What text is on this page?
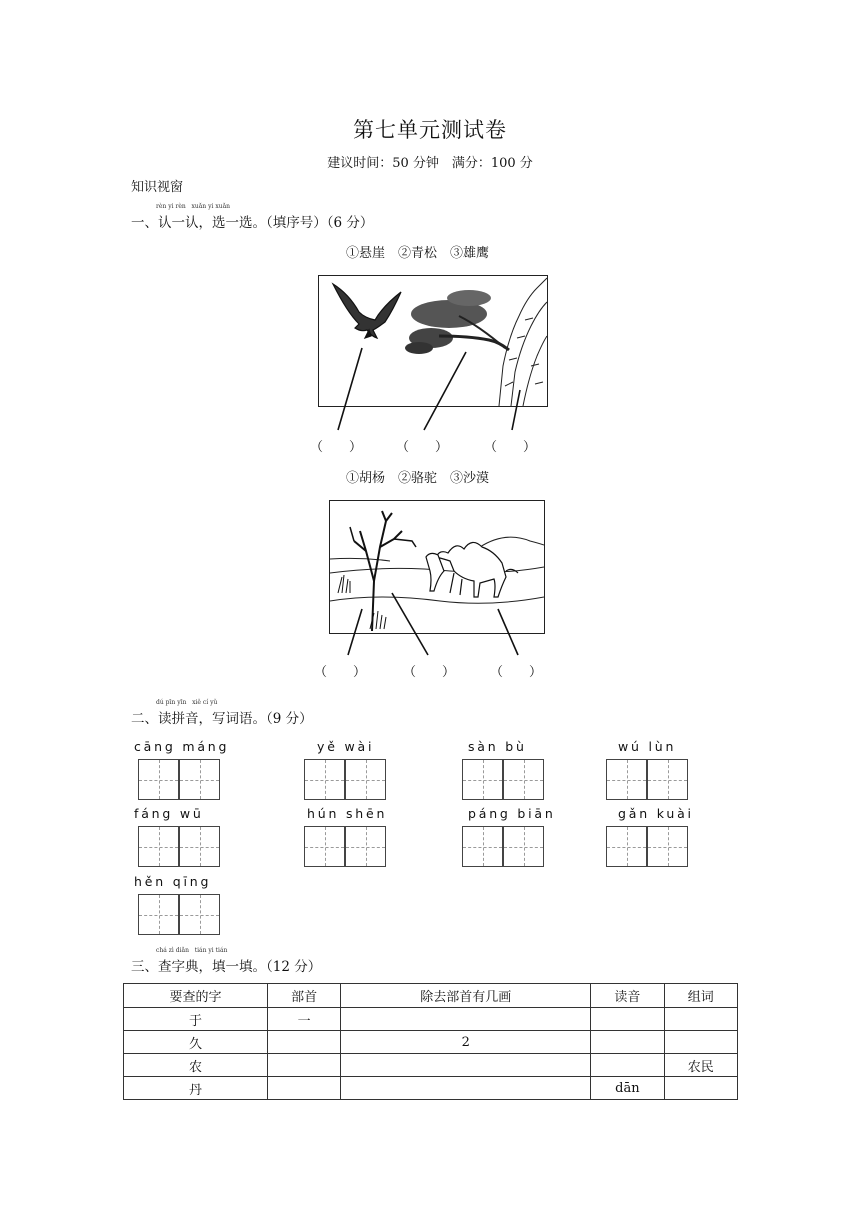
第七单元测试卷
建议时间：50 分钟　满分：100 分
知识视窗
rèn yi rèn xuǎn yi xuǎn
一、认一认，选一选。（填序号）（6 分）
①悬崖　②青松　③雄鹰
（　　）	（　　）	（　　）
①胡杨　②骆驼　③沙漠
（　　）	（　　）	（　　）
dú pīn yīn xiě cí yǔ
二、读拼音，写词语。（9 分）
cāng máng	yě wài	sàn bù	wú lùn
fáng wū	hún shēn	páng biān	gǎn kuài
hěn qīng
chá zì diǎn tián yi tián
三、查字典，填一填。（12 分）
要查的字	部首	除去部首有几画	读音	组词
于	一			
久		2		
农				农民
丹			dān	
